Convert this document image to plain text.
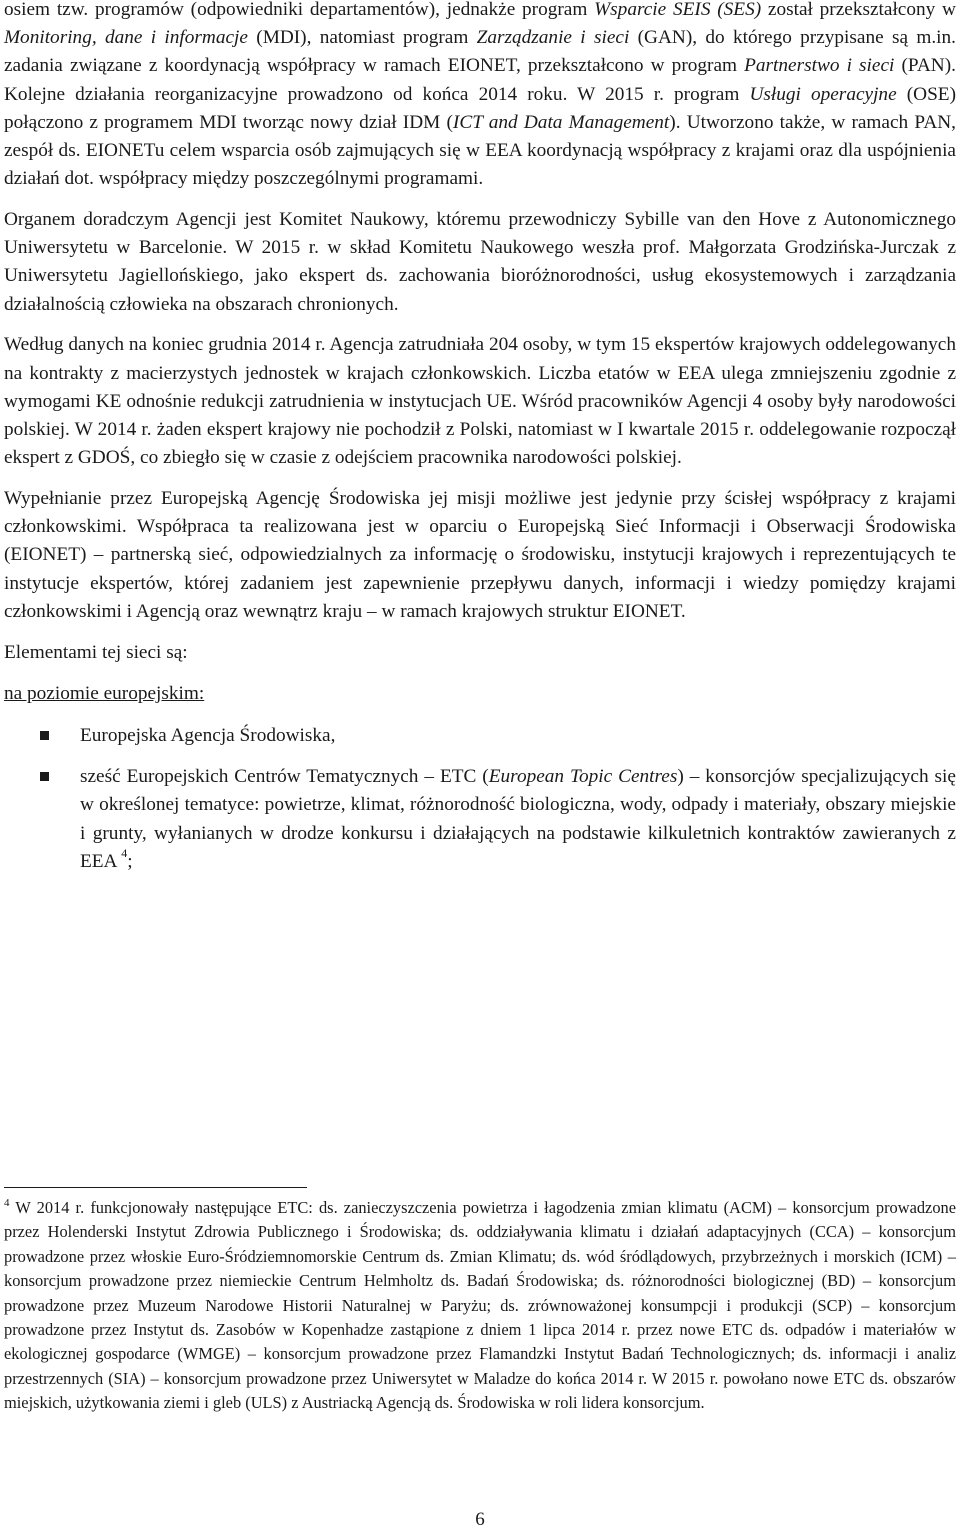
osiem tzw. programów (odpowiedniki departamentów), jednakże program Wsparcie SEIS (SES) został przekształcony w Monitoring, dane i informacje (MDI), natomiast program Zarządzanie i sieci (GAN), do którego przypisane są m.in. zadania związane z koordynacją współpracy w ramach EIONET, przekształcono w program Partnerstwo i sieci (PAN). Kolejne działania reorganizacyjne prowadzono od końca 2014 roku. W 2015 r. program Usługi operacyjne (OSE) połączono z programem MDI tworząc nowy dział IDM (ICT and Data Management). Utworzono także, w ramach PAN, zespół ds. EIONETu celem wsparcia osób zajmujących się w EEA koordynacją współpracy z krajami oraz dla uspójnienia działań dot. współpracy między poszczególnymi programami.

Organem doradczym Agencji jest Komitet Naukowy, któremu przewodniczy Sybille van den Hove z Autonomicznego Uniwersytetu w Barcelonie. W 2015 r. w skład Komitetu Naukowego weszła prof. Małgorzata Grodzińska-Jurczak z Uniwersytetu Jagiellońskiego, jako ekspert ds. zachowania bioróżnorodności, usług ekosystemowych i zarządzania działalnością człowieka na obszarach chronionych.

Według danych na koniec grudnia 2014 r. Agencja zatrudniała 204 osoby, w tym 15 ekspertów krajowych oddelegowanych na kontrakty z macierzystych jednostek w krajach członkowskich. Liczba etatów w EEA ulega zmniejszeniu zgodnie z wymogami KE odnośnie redukcji zatrudnienia w instytucjach UE. Wśród pracowników Agencji 4 osoby były narodowości polskiej. W 2014 r. żaden ekspert krajowy nie pochodził z Polski, natomiast w I kwartale 2015 r. oddelegowanie rozpoczął ekspert z GDOŚ, co zbiegło się w czasie z odejściem pracownika narodowości polskiej.

Wypełnianie przez Europejską Agencję Środowiska jej misji możliwe jest jedynie przy ścisłej współpracy z krajami członkowskimi. Współpraca ta realizowana jest w oparciu o Europejską Sieć Informacji i Obserwacji Środowiska (EIONET) – partnerską sieć, odpowiedzialnych za informację o środowisku, instytucji krajowych i reprezentujących te instytucje ekspertów, której zadaniem jest zapewnienie przepływu danych, informacji i wiedzy pomiędzy krajami członkowskimi i Agencją oraz wewnątrz kraju – w ramach krajowych struktur EIONET.

Elementami tej sieci są:

na poziomie europejskim:

Europejska Agencja Środowiska,
sześć Europejskich Centrów Tematycznych – ETC (European Topic Centres) – konsorcjów specjalizujących się w określonej tematyce: powietrze, klimat, różnorodność biologiczna, wody, odpady i materiały, obszary miejskie i grunty, wyłanianych w drodze konkursu i działających na podstawie kilkuletnich kontraktów zawieranych z EEA $^4$;

$^4$ W 2014 r. funkcjonowały następujące ETC: ds. zanieczyszczenia powietrza i łagodzenia zmian klimatu (ACM) – konsorcjum prowadzone przez Holenderski Instytut Zdrowia Publicznego i Środowiska; ds. oddziaływania klimatu i działań adaptacyjnych (CCA) – konsorcjum prowadzone przez włoskie Euro-Śródziemnomorskie Centrum ds. Zmian Klimatu; ds. wód śródlądowych, przybrzeżnych i morskich (ICM) – konsorcjum prowadzone przez niemieckie Centrum Helmholtz ds. Badań Środowiska; ds. różnorodności biologicznej (BD) – konsorcjum prowadzone przez Muzeum Narodowe Historii Naturalnej w Paryżu; ds. zrównoważonej konsumpcji i produkcji (SCP) – konsorcjum prowadzone przez Instytut ds. Zasobów w Kopenhadze zastąpione z dniem 1 lipca 2014 r. przez nowe ETC ds. odpadów i materiałów w ekologicznej gospodarce (WMGE) – konsorcjum prowadzone przez Flamandzki Instytut Badań Technologicznych; ds. informacji i analiz przestrzennych (SIA) – konsorcjum prowadzone przez Uniwersytet w Maladze do końca 2014 r. W 2015 r. powołano nowe ETC ds. obszarów miejskich, użytkowania ziemi i gleb (ULS) z Austriacką Agencją ds. Środowiska w roli lidera konsorcjum.

6
